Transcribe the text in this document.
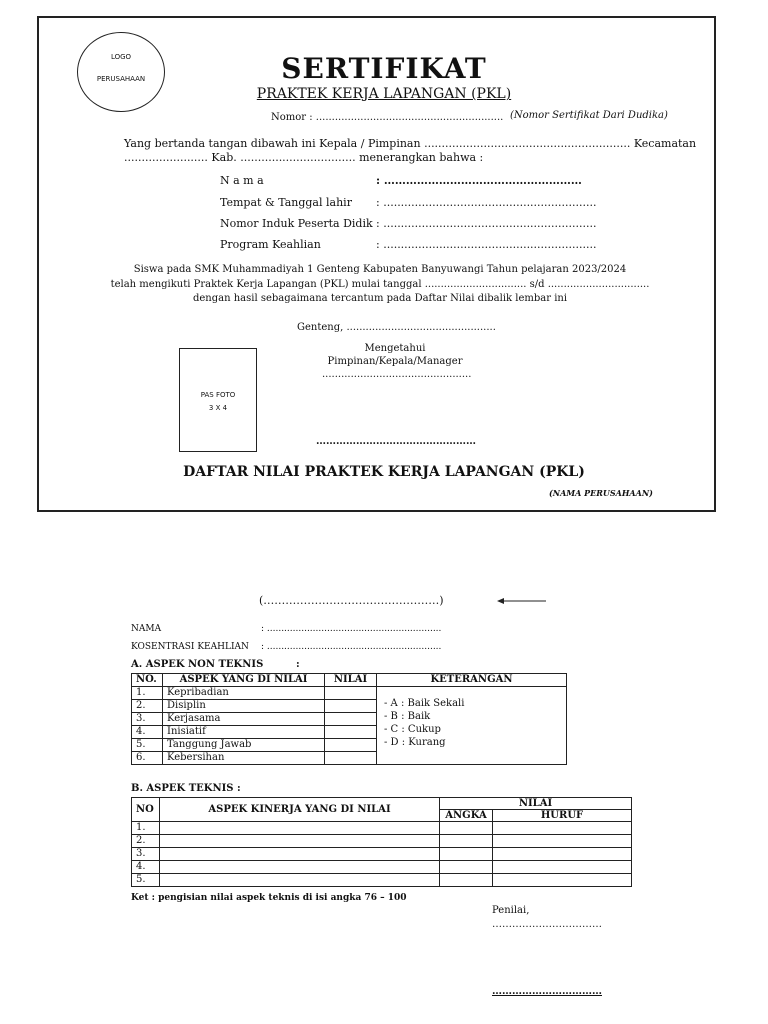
LOGO
PERUSAHAAN	SERTIFIKAT
PRAKTEK KERJA LAPANGAN (PKL)
Nomor : ........................................................... (Nomor Sertifikat Dari Dudika)
Yang bertanda tangan dibawah ini Kepala / Pimpinan ........................................................... Kecamatan
........................ Kab. ................................. menerangkan bahwa :
N a m a	: ………………………………………………
Tempat & Tanggal lahir : .............................................................
Nomor Induk Peserta Didik : .............................................................
Program Keahlian	: .............................................................
Siswa pada SMK Muhammadiyah 1 Genteng Kabupaten Banyuwangi Tahun pelajaran 2023/2024
telah mengikuti Praktek Kerja Lapangan (PKL) mulai tanggal ................................ s/d ................................
dengan hasil sebagaimana tercantum pada Daftar Nilai dibalik lembar ini
Genteng, ...............................................
Mengetahui
Pimpinan/Kepala/Manager
...............................................
PAS FOTO
3 X 4
…………………………………………
DAFTAR NILAI PRAKTEK KERJA LAPANGAN (PKL)
(NAMA PERUSAHAAN)
(…………………………………………)
NAMA	: .............................................................
KOSENTRASI KEAHLIAN : .............................................................
A. ASPEK NON TEKNIS	:
NO.	ASPEK YANG DI NILAI	NILAI	KETERANGAN
1.	Kepribadian		- A : Baik Sekali
- B : Baik
- C : Cukup
- D : Kurang

2.	Disiplin		
3.	Kerjasama		
4.	Inisiatif		
5.	Tanggung Jawab		
6.	Kebersihan		
B. ASPEK TEKNIS :
NO	ASPEK KINERJA YANG DI NILAI	NILAI	
		ANGKA	HURUF
1.			
2.			
3.			
4.			
5.			
Ket : pengisian nilai aspek teknis di isi angka 76 – 100
Penilai,
……………………………
……………………………
